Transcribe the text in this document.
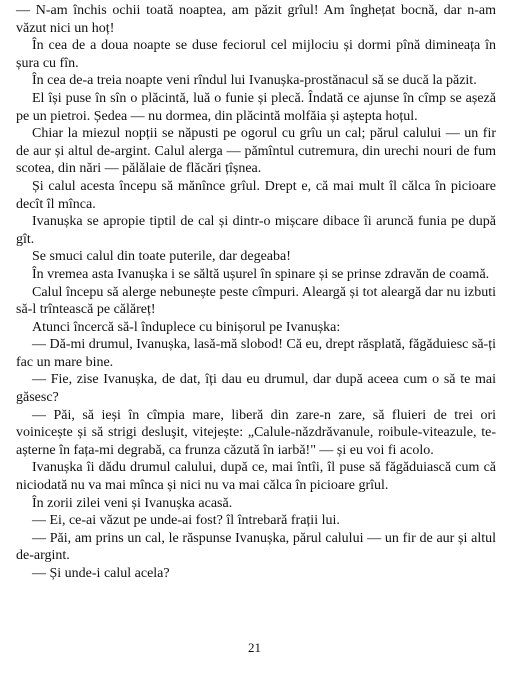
— N-am închis ochii toată noaptea, am păzit grîul! Am înghețat bocnă, dar n-am văzut nici un hoț!

În cea de a doua noapte se duse feciorul cel mijlociu și dormi pînă dimineața în șura cu fîn.

În cea de-a treia noapte veni rîndul lui Ivanușka-prostănacul să se ducă la păzit.

El își puse în sîn o plăcintă, luă o funie și plecă. Îndată ce ajunse în cîmp se așeză pe un pietroi. Ședea — nu dormea, din plăcintă molfăia și aștepta hoțul.

Chiar la miezul nopții se năpusti pe ogorul cu grîu un cal; părul calului — un fir de aur și altul de-argint. Calul alerga — pămîntul cutremura, din urechi nouri de fum scotea, din nări — pălălaie de flăcări țîșnea.

Și calul acesta începu să mănînce grîul. Drept e, că mai mult îl călca în picioare decît îl mînca.

Ivanușka se apropie tiptil de cal și dintr-o mișcare dibace îi aruncă funia pe după gît.

Se smuci calul din toate puterile, dar degeaba!

În vremea asta Ivanușka i se săltă ușurel în spinare și se prinse zdravăn de coamă.

Calul începu să alerge nebunește peste cîmpuri. Aleargă și tot aleargă dar nu izbuti să-l trîntească pe călăreț!

Atunci încercă să-l înduplece cu binișorul pe Ivanușka:

— Dă-mi drumul, Ivanușka, lasă-mă slobod! Că eu, drept răsplată, făgăduiesc să-ți fac un mare bine.

— Fie, zise Ivanușka, de dat, îți dau eu drumul, dar după aceea cum o să te mai găsesc?

— Păi, să ieși în cîmpia mare, liberă din zare-n zare, să fluieri de trei ori voinicește și să strigi desluşit, vitejește: „Calule-năzdrăvanule, roibule-viteazule, te-așterne în fața-mi degrabă, ca frunza căzută în iarbă!" — și eu voi fi acolo.

Ivanușka îi dădu drumul calului, după ce, mai întîi, îl puse să făgăduiască cum că niciodată nu va mai mînca și nici nu va mai călca în picioare grîul.

În zorii zilei veni și Ivanușka acasă.

— Ei, ce-ai văzut pe unde-ai fost? îl întrebară frații lui.

— Păi, am prins un cal, le răspunse Ivanușka, părul calului — un fir de aur și altul de-argint.

— Și unde-i calul acela?

21
